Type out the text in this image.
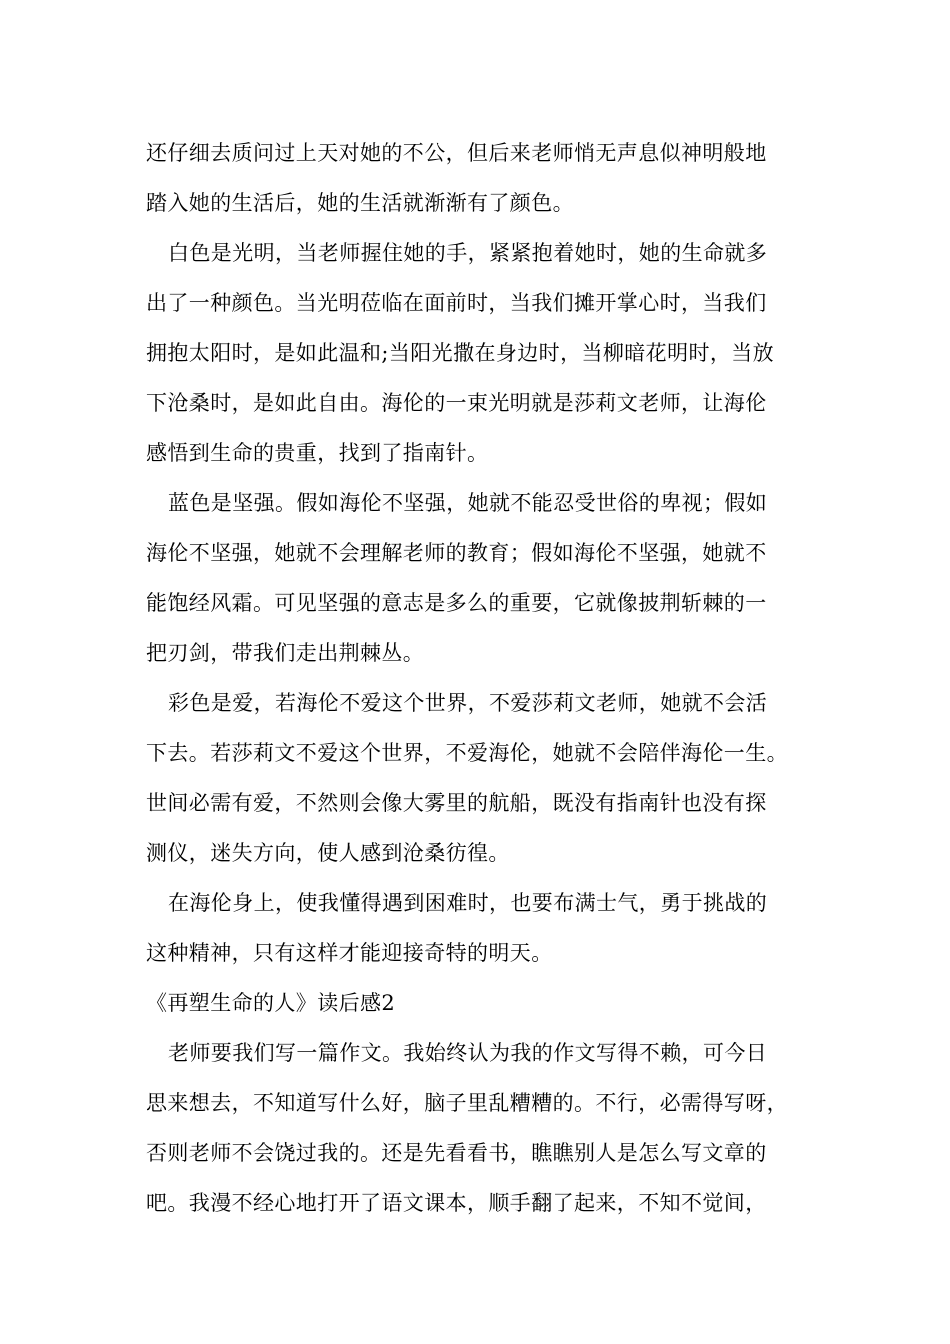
还仔细去质问过上天对她的不公，但后来老师悄无声息似神明般地
踏入她的生活后，她的生活就渐渐有了颜色。
白色是光明，当老师握住她的手，紧紧抱着她时，她的生命就多
出了一种颜色。当光明莅临在面前时，当我们摊开掌心时，当我们
拥抱太阳时，是如此温和;当阳光撒在身边时，当柳暗花明时，当放
下沧桑时，是如此自由。海伦的一束光明就是莎莉文老师，让海伦
感悟到生命的贵重，找到了指南针。
蓝色是坚强。假如海伦不坚强，她就不能忍受世俗的卑视；假如
海伦不坚强，她就不会理解老师的教育；假如海伦不坚强，她就不
能饱经风霜。可见坚强的意志是多么的重要，它就像披荆斩棘的一
把刃剑，带我们走出荆棘丛。
彩色是爱，若海伦不爱这个世界，不爱莎莉文老师，她就不会活
下去。若莎莉文不爱这个世界，不爱海伦，她就不会陪伴海伦一生。
世间必需有爱，不然则会像大雾里的航船，既没有指南针也没有探
测仪，迷失方向，使人感到沧桑彷徨。
在海伦身上，使我懂得遇到困难时，也要布满士气，勇于挑战的
这种精神，只有这样才能迎接奇特的明天。
《再塑生命的人》读后感2
老师要我们写一篇作文。我始终认为我的作文写得不赖，可今日
思来想去，不知道写什么好，脑子里乱糟糟的。不行，必需得写呀，
否则老师不会饶过我的。还是先看看书，瞧瞧别人是怎么写文章的
吧。我漫不经心地打开了语文课本，顺手翻了起来，不知不觉间，
